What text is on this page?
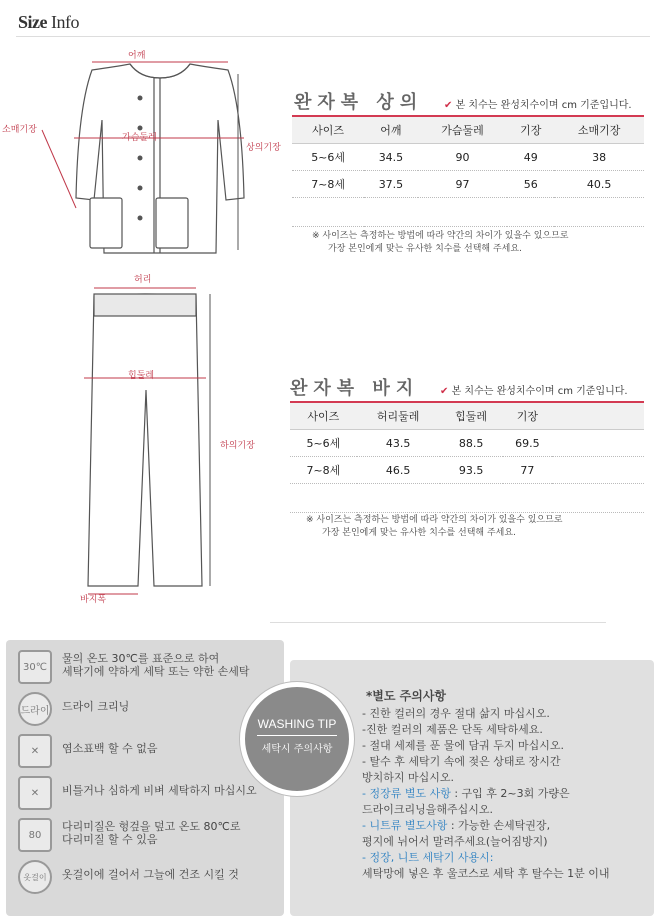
Size Info
어깨
가슴둘레
소매기장
상의기장
완자복 상의 ✔ 본 치수는 완성치수이며 cm 기준입니다.
사이즈	어깨	가슴둘레	기장	소매기장
5~6세	34.5	90	49	38
7~8세	37.5	97	56	40.5

※ 사이즈는 측정하는 방법에 따라 약간의 차이가 있을수 있으므로
가장 본인에게 맞는 유사한 치수를 선택해 주세요.
허리
힙둘레
하의기장
바지폭
완자복 바지 ✔ 본 치수는 완성치수이며 cm 기준입니다.
사이즈	허리둘레	힙둘레	기장	
5~6세	43.5	88.5	69.5	
7~8세	46.5	93.5	77	

※ 사이즈는 측정하는 방법에 따라 약간의 차이가 있을수 있으므로
가장 본인에게 맞는 유사한 치수를 선택해 주세요.
30℃
물의 온도 30℃를 표준으로 하여
세탁기에 약하게 세탁 또는 약한 손세탁
드라이 드라이 크리닝
✕	염소표백 할 수 없음
✕	비틀거나 심하게 비벼 세탁하지 마십시오
80
다리미질은 헝겊을 덮고 온도 80℃로
다리미질 할 수 있음
옷걸이	옷걸이에 걸어서 그늘에 건조 시킬 것
*별도 주의사항
- 진한 컬러의 경우 절대 삶지 마십시오.
-진한 컬러의 제품은 단독 세탁하세요.
- 절대 세제를 푼 물에 담궈 두지 마십시오.
- 탈수 후 세탁기 속에 젖은 상태로 장시간
방치하지 마십시오.
- 정장류 별도 사항 : 구입 후 2~3회 가량은
드라이크리닝을해주십시오.
- 니트류 별도사항 : 가능한 손세탁권장,
평지에 뉘어서 말려주세요(늘어짐방지)
- 정장, 니트 세탁기 사용시:
세탁망에 넣은 후 울코스로 세탁 후 탈수는 1분 이내
WASHING TIP
세탁시 주의사항
